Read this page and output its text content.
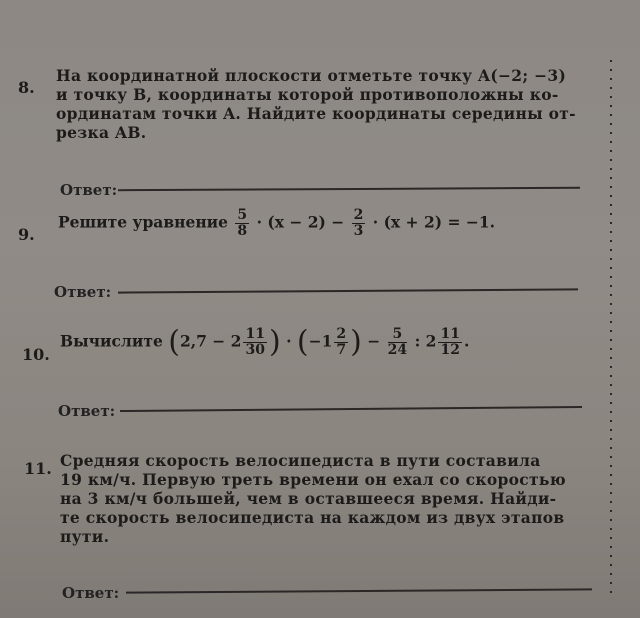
8.
На координатной плоскости отметьте точку A(−2; −3)
и точку B, координаты которой противоположны ко-
ординатам точки A. Найдите координаты середины от-
резка AB.
Ответ:
9.
Решите уравнение $\frac{5}{8} \cdot (x - 2) - \frac{2}{3} \cdot (x + 2) = -1$.
Ответ:
10.
Вычислите ($2,7 - 2 \frac{11}{30}$ ) · ($-1 \frac{2}{7}$ ) − $\frac{5}{24}$ : $2 \frac{11}{12}$ .
Ответ:
11. Средняя скорость велосипедиста в пути составила
19 км/ч. Первую треть времени он ехал со скоростью
на 3 км/ч большей, чем в оставшееся время. Найди-
те скорость велосипедиста на каждом из двух этапов
пути.
Ответ:
